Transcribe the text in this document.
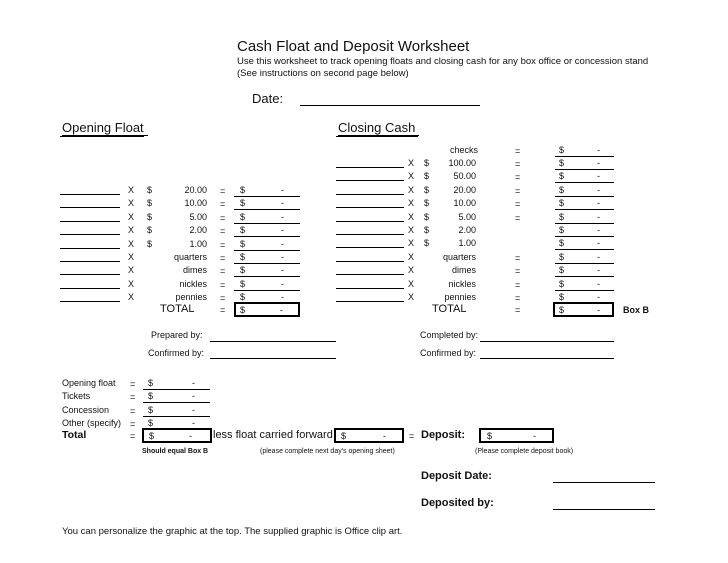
Cash Float and Deposit Worksheet
Use this worksheet to track opening floats and closing cash for any box office or concession stand
(See instructions on second page below)
Date:
Opening Float	Closing Cash
X $	20.00 = $	-
X $	10.00 = $	-
X $	5.00 = $	-
X $	2.00 = $	-
X $	1.00 = $	-
X	quarters = $	-
X	dimes = $	-
X	nickles = $	-
X	pennies = $	-
TOTAL	= $	-
checks	=	$	-
X $	100.00	=	$	-
X $	50.00	=	$	-
X $	20.00	=	$	-
X $	10.00	=	$	-
X $	5.00	=	$	-
X $	2.00	$	-
X $	1.00	$	-
X	quarters	=	$	-
X	dimes	=	$	-
X	nickles	=	$	-
X	pennies	=	$	-
TOTAL	=	$	-	Box B
Prepared by:
Confirmed by:
Completed by:
Confirmed by:
Opening float = $	-
Tickets	= $	-
Concession = $	-
Other (specify) = $	-
Total	= $	- less float carried forward $	-	= Deposit: $	-
Should equal Box B	(please complete next day's opening sheet)	(Please complete deposit book)
Deposit Date:
Deposited by:
You can personalize the graphic at the top. The supplied graphic is Office clip art.
